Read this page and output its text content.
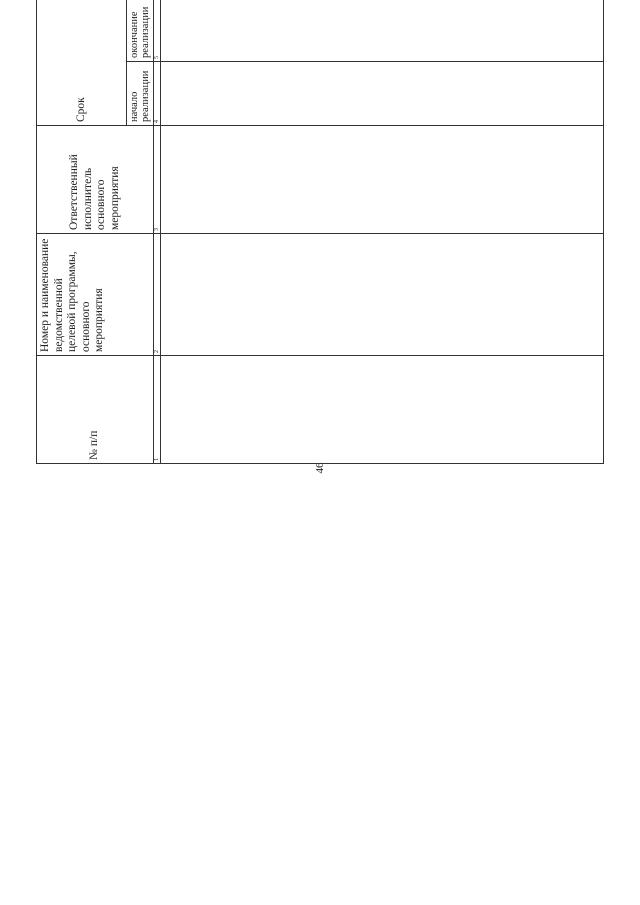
46
№ п/п	Номер и наименование ведомственной целевой программы, основного мероприятия	Ответственный исполнитель основного мероприятия	Срок			
			начало реализации	окончание реализации			
1	2	3	4	5			
